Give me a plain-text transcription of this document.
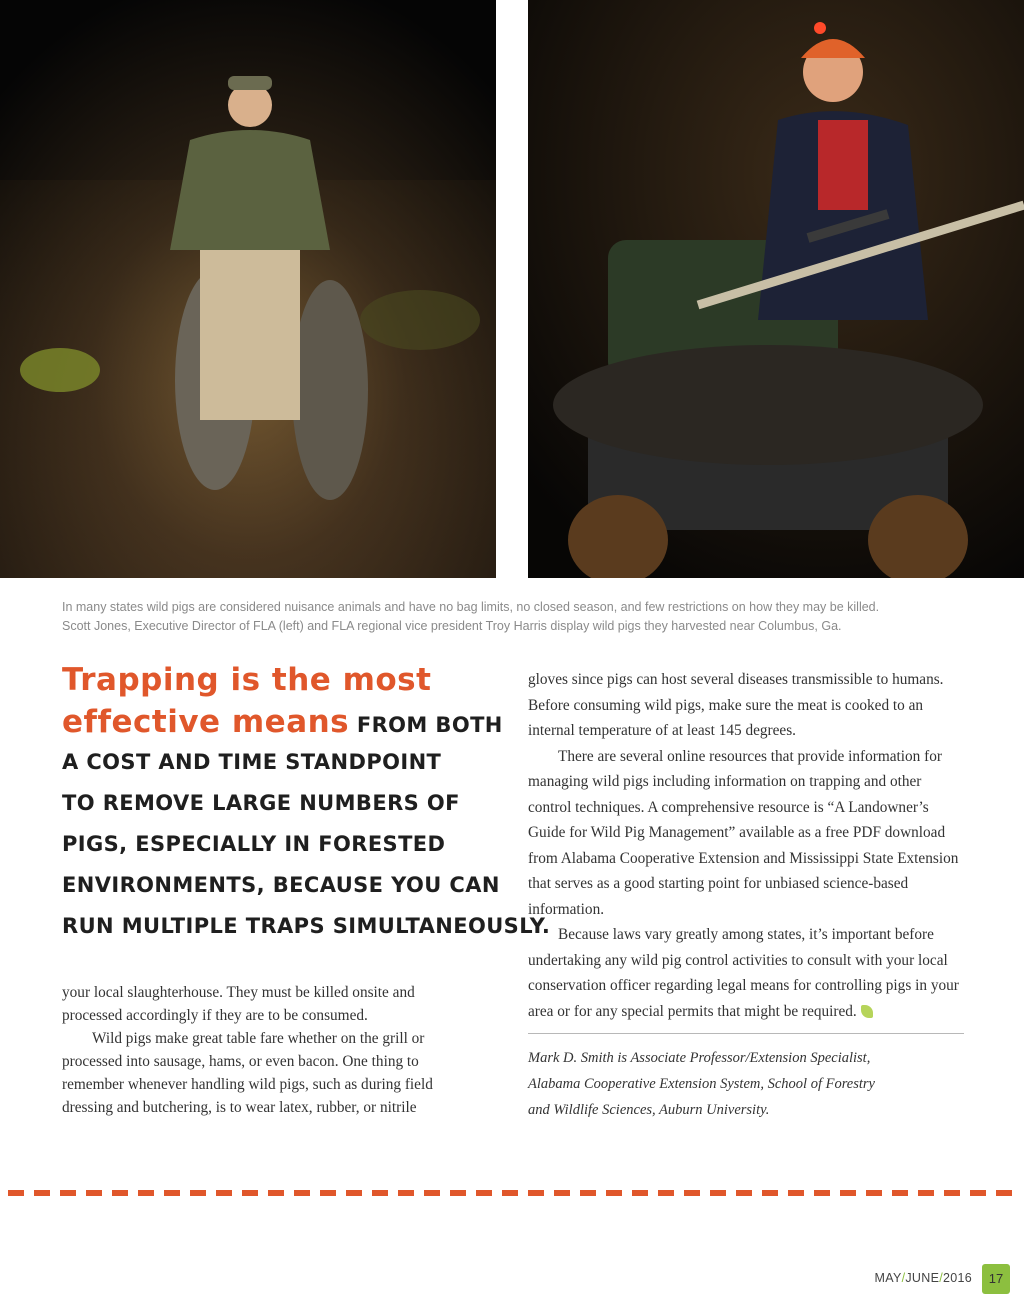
In many states wild pigs are considered nuisance animals and have no bag limits, no closed season, and few restrictions on how they may be killed.

Scott Jones, Executive Director of FLA (left) and FLA regional vice president Troy Harris display wild pigs they harvested near Columbus, Ga.

Trapping is the most
effective means FROM BOTH
A COST AND TIME STANDPOINT
TO REMOVE LARGE NUMBERS OF
PIGS, ESPECIALLY IN FORESTED
ENVIRONMENTS, BECAUSE YOU CAN
RUN MULTIPLE TRAPS SIMULTANEOUSLY.

your local slaughterhouse. They must be killed onsite and processed accordingly if they are to be consumed.

Wild pigs make great table fare whether on the grill or processed into sausage, hams, or even bacon. One thing to remember whenever handling wild pigs, such as during field dressing and butchering, is to wear latex, rubber, or nitrile

gloves since pigs can host several diseases transmissible to humans. Before consuming wild pigs, make sure the meat is cooked to an internal temperature of at least 145 degrees.

There are several online resources that provide information for managing wild pigs including information on trapping and other control techniques. A comprehensive resource is “A Landowner’s Guide for Wild Pig Management” available as a free PDF download from Alabama Cooperative Extension and Mississippi State Extension that serves as a good starting point for unbiased science-based information.

Because laws vary greatly among states, it’s important before undertaking any wild pig control activities to consult with your local conservation officer regarding legal means for controlling pigs in your area or for any special permits that might be required.

Mark D. Smith is Associate Professor/Extension Specialist,

Alabama Cooperative Extension System, School of Forestry

and Wildlife Sciences, Auburn University.

MAY/JUNE/2016	17
